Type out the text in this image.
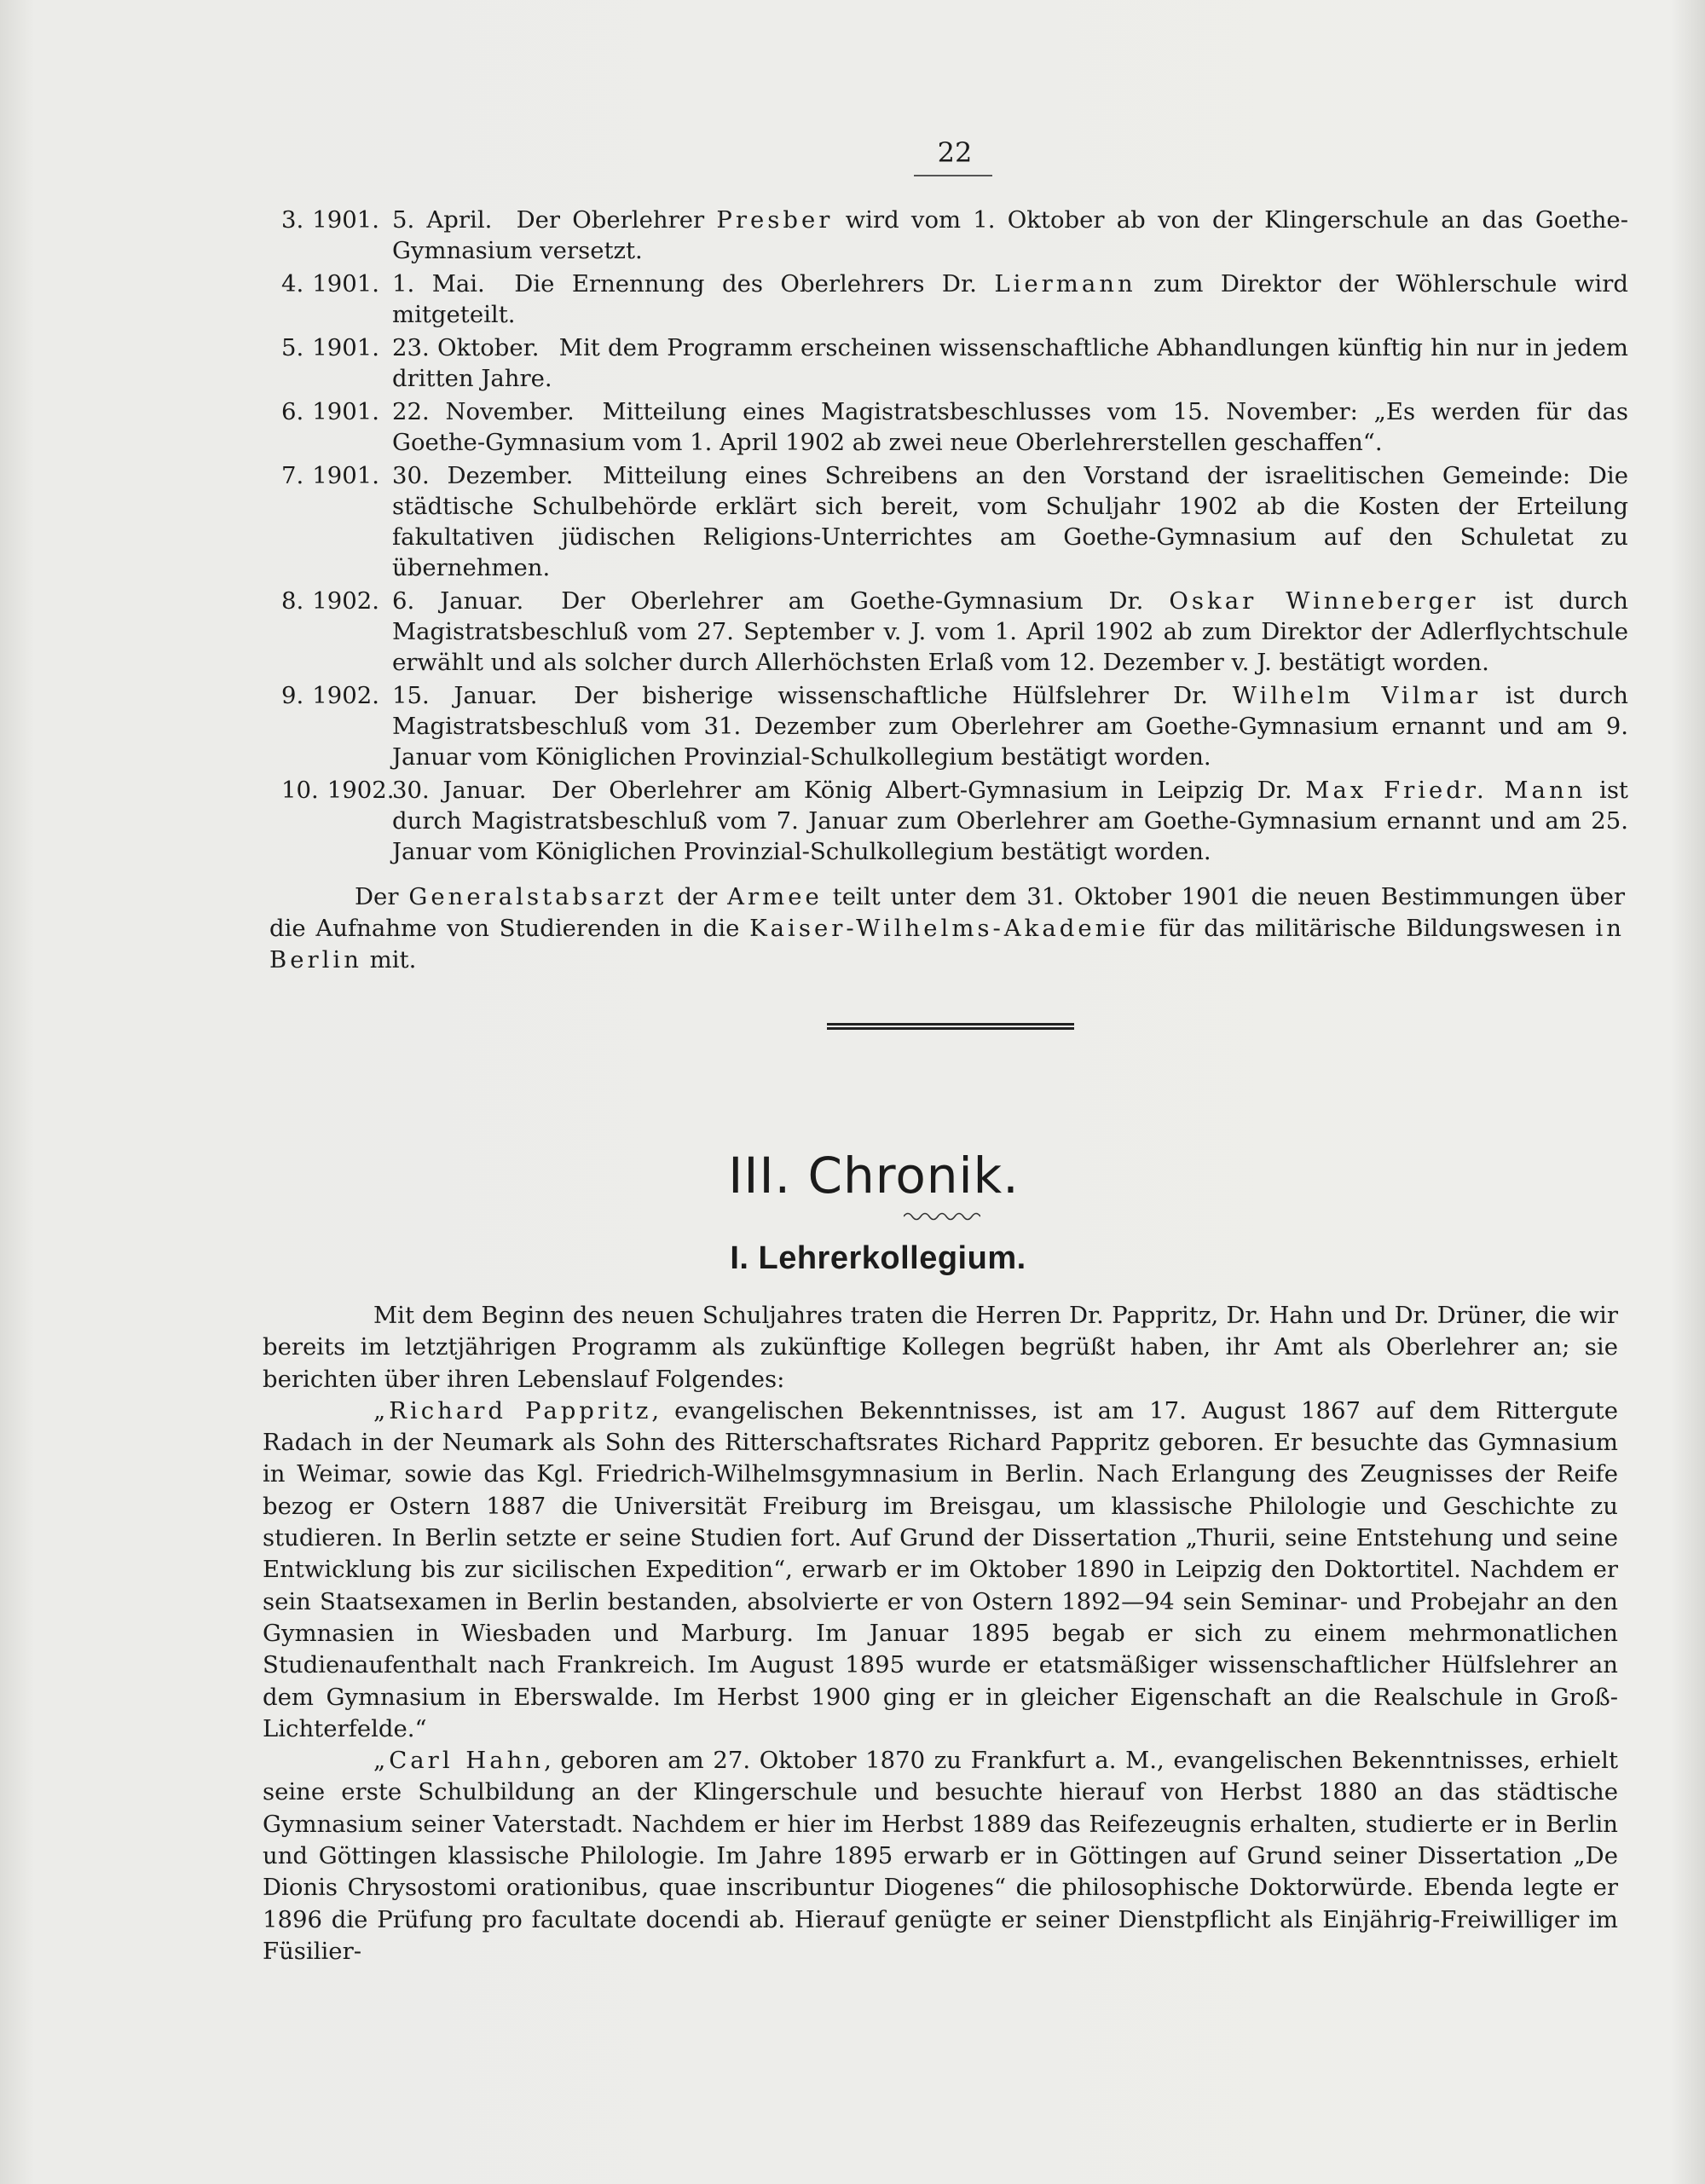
22
3. 1901. 5. April. Der Oberlehrer Presber wird vom 1. Oktober ab von der Klingerschule an das Goethe-Gymnasium versetzt.
4. 1901. 1. Mai. Die Ernennung des Oberlehrers Dr. Liermann zum Direktor der Wöhlerschule wird mitgeteilt.
5. 1901. 23. Oktober. Mit dem Programm erscheinen wissenschaftliche Abhandlungen künftig hin nur in jedem dritten Jahre.
6. 1901. 22. November. Mitteilung eines Magistratsbeschlusses vom 15. November: „Es werden für das Goethe-Gymnasium vom 1. April 1902 ab zwei neue Oberlehrerstellen geschaffen“.
7. 1901. 30. Dezember. Mitteilung eines Schreibens an den Vorstand der israelitischen Gemeinde: Die städtische Schulbehörde erklärt sich bereit, vom Schuljahr 1902 ab die Kosten der Erteilung fakultativen jüdischen Religions-Unterrichtes am Goethe-Gymnasium auf den Schuletat zu übernehmen.
8. 1902. 6. Januar. Der Oberlehrer am Goethe-Gymnasium Dr. Oskar Winneberger ist durch Magistratsbeschluß vom 27. September v. J. vom 1. April 1902 ab zum Direktor der Adlerflychtschule erwählt und als solcher durch Allerhöchsten Erlaß vom 12. Dezember v. J. bestätigt worden.
9. 1902. 15. Januar. Der bisherige wissenschaftliche Hülfslehrer Dr. Wilhelm Vilmar ist durch Magistratsbeschluß vom 31. Dezember zum Oberlehrer am Goethe-Gymnasium ernannt und am 9. Januar vom Königlichen Provinzial-Schulkollegium bestätigt worden.
10. 1902.
30. Januar. Der Oberlehrer am König Albert-Gymnasium in Leipzig Dr. Max Friedr. Mann ist durch Magistratsbeschluß vom 7. Januar zum Oberlehrer am Goethe-Gymnasium ernannt und am 25. Januar vom Königlichen Provinzial-Schulkollegium bestätigt worden.
Der Generalstabsarzt der Armee teilt unter dem 31. Oktober 1901 die neuen Bestimmungen über die Aufnahme von Studierenden in die Kaiser-Wilhelms-Akademie für das militärische Bildungswesen in Berlin mit.
III. Chronik.
I. Lehrerkollegium.

Mit dem Beginn des neuen Schuljahres traten die Herren Dr. Pappritz, Dr. Hahn und Dr. Drüner, die wir bereits im letztjährigen Programm als zukünftige Kollegen begrüßt haben, ihr Amt als Oberlehrer an; sie berichten über ihren Lebenslauf Folgendes:

„Richard Pappritz, evangelischen Bekenntnisses, ist am 17. August 1867 auf dem Rittergute Radach in der Neumark als Sohn des Ritterschaftsrates Richard Pappritz geboren. Er besuchte das Gymnasium in Weimar, sowie das Kgl. Friedrich-Wilhelmsgymnasium in Berlin. Nach Erlangung des Zeugnisses der Reife bezog er Ostern 1887 die Universität Freiburg im Breisgau, um klassische Philologie und Geschichte zu studieren. In Berlin setzte er seine Studien fort. Auf Grund der Dissertation „Thurii, seine Entstehung und seine Entwicklung bis zur sicilischen Expedition“, erwarb er im Oktober 1890 in Leipzig den Doktortitel. Nachdem er sein Staatsexamen in Berlin bestanden, absolvierte er von Ostern 1892—94 sein Seminar- und Probejahr an den Gymnasien in Wiesbaden und Marburg. Im Januar 1895 begab er sich zu einem mehrmonatlichen Studienaufenthalt nach Frankreich. Im August 1895 wurde er etatsmäßiger wissenschaftlicher Hülfslehrer an dem Gymnasium in Eberswalde. Im Herbst 1900 ging er in gleicher Eigenschaft an die Realschule in Groß-Lichterfelde.“

„Carl Hahn, geboren am 27. Oktober 1870 zu Frankfurt a. M., evangelischen Bekenntnisses, erhielt seine erste Schulbildung an der Klingerschule und besuchte hierauf von Herbst 1880 an das städtische Gymnasium seiner Vaterstadt. Nachdem er hier im Herbst 1889 das Reifezeugnis erhalten, studierte er in Berlin und Göttingen klassische Philologie. Im Jahre 1895 erwarb er in Göttingen auf Grund seiner Dissertation „De Dionis Chrysostomi orationibus, quae inscribuntur Diogenes“ die philosophische Doktorwürde. Ebenda legte er 1896 die Prüfung pro facultate docendi ab. Hierauf genügte er seiner Dienstpflicht als Einjährig-Freiwilliger im Füsilier-
